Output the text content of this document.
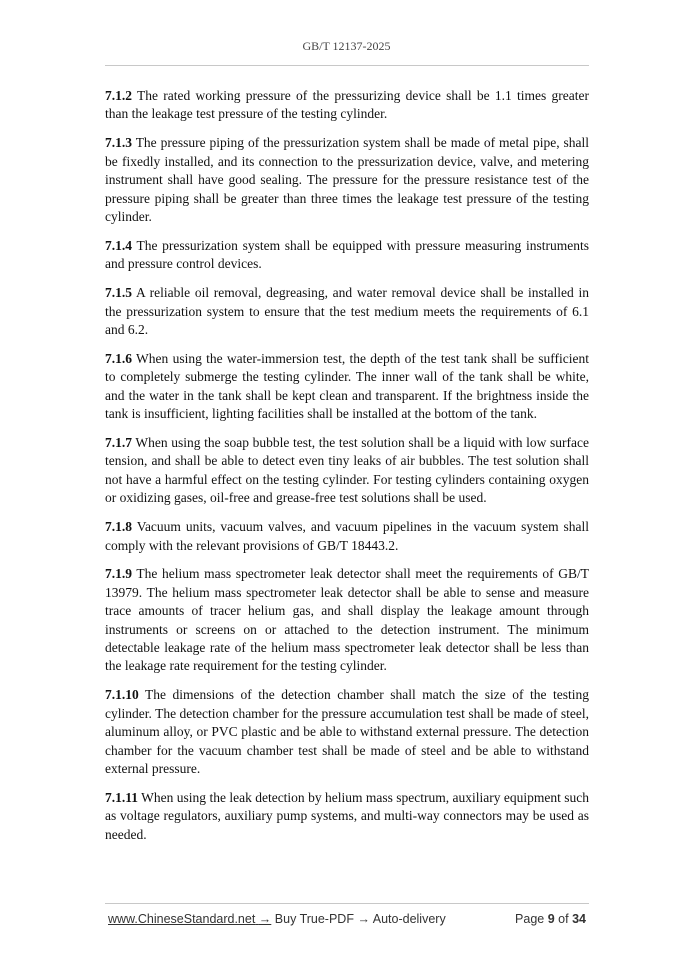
GB/T 12137-2025

7.1.2 The rated working pressure of the pressurizing device shall be 1.1 times greater than the leakage test pressure of the testing cylinder.

7.1.3 The pressure piping of the pressurization system shall be made of metal pipe, shall be fixedly installed, and its connection to the pressurization device, valve, and metering instrument shall have good sealing. The pressure for the pressure resistance test of the pressure piping shall be greater than three times the leakage test pressure of the testing cylinder.

7.1.4 The pressurization system shall be equipped with pressure measuring instruments and pressure control devices.

7.1.5 A reliable oil removal, degreasing, and water removal device shall be installed in the pressurization system to ensure that the test medium meets the requirements of 6.1 and 6.2.

7.1.6 When using the water-immersion test, the depth of the test tank shall be sufficient to completely submerge the testing cylinder. The inner wall of the tank shall be white, and the water in the tank shall be kept clean and transparent. If the brightness inside the tank is insufficient, lighting facilities shall be installed at the bottom of the tank.

7.1.7 When using the soap bubble test, the test solution shall be a liquid with low surface tension, and shall be able to detect even tiny leaks of air bubbles. The test solution shall not have a harmful effect on the testing cylinder. For testing cylinders containing oxygen or oxidizing gases, oil-free and grease-free test solutions shall be used.

7.1.8 Vacuum units, vacuum valves, and vacuum pipelines in the vacuum system shall comply with the relevant provisions of GB/T 18443.2.

7.1.9 The helium mass spectrometer leak detector shall meet the requirements of GB/T 13979. The helium mass spectrometer leak detector shall be able to sense and measure trace amounts of tracer helium gas, and shall display the leakage amount through instruments or screens on or attached to the detection instrument. The minimum detectable leakage rate of the helium mass spectrometer leak detector shall be less than the leakage rate requirement for the testing cylinder.

7.1.10 The dimensions of the detection chamber shall match the size of the testing cylinder. The detection chamber for the pressure accumulation test shall be made of steel, aluminum alloy, or PVC plastic and be able to withstand external pressure. The detection chamber for the vacuum chamber test shall be made of steel and be able to withstand external pressure.

7.1.11 When using the leak detection by helium mass spectrum, auxiliary equipment such as voltage regulators, auxiliary pump systems, and multi-way connectors may be used as needed.

www.ChineseStandard.net → Buy True-PDF → Auto-delivery	Page 9 of 34
